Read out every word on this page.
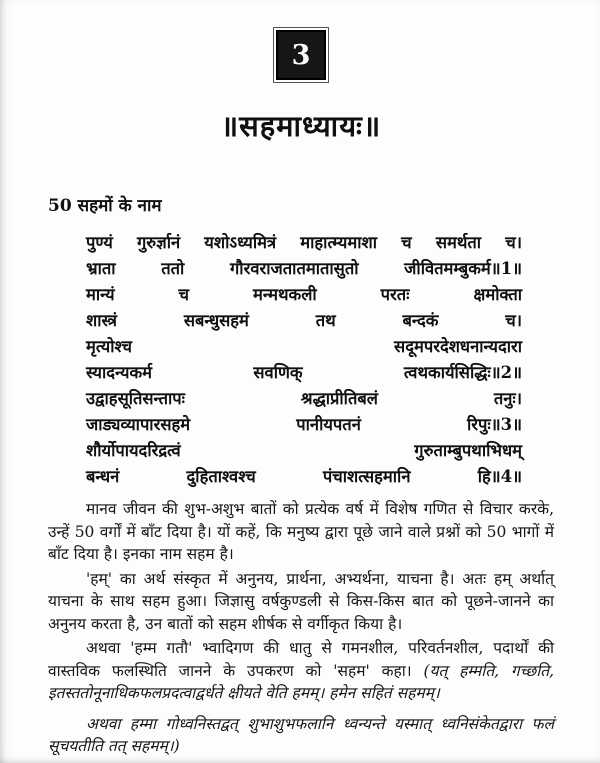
3
॥सहमाध्यायः॥
50 सहमों के नाम
पुण्यं गुरुर्ज्ञानं यशोऽध्यमित्रं माहात्म्यमाशा च समर्थता च।
भ्राता ततो गौरवराजतातमातासुतो जीवितमम्बुकर्म॥1॥
मान्यं च मन्मथकली परतः क्षमोक्ता
शास्त्रं सबन्धुसहमं तथ बन्दकं च।
मृत्योश्च सदूमपरदेशधनान्यदारा
स्यादन्यकर्म सवणिक् त्वथकार्यसिद्धिः॥2॥
उद्वाहसूतिसन्तापः श्रद्धाप्रीतिबलं तनुः।
जाड्यव्यापारसहमे पानीयपतनं रिपुः॥3॥
शौर्योपायदरिद्रत्वं गुरुताम्बुपथाभिधम्
बन्धनं दुहिताश्वश्च पंचाशत्सहमानि हि॥4॥

मानव जीवन की शुभ-अशुभ बातों को प्रत्येक वर्ष में विशेष गणित से विचार करके, उन्हें 50 वर्गों में बाँट दिया है। यों कहें, कि मनुष्य द्वारा पूछे जाने वाले प्रश्नों को 50 भागों में बाँट दिया है। इनका नाम सहम है।

'हम्' का अर्थ संस्कृत में अनुनय, प्रार्थना, अभ्यर्थना, याचना है। अतः हम् अर्थात् याचना के साथ सहम हुआ। जिज्ञासु वर्षकुण्डली से किस-किस बात को पूछने-जानने का अनुनय करता है, उन बातों को सहम शीर्षक से वर्गीकृत किया है।

अथवा 'हम्म गतौ' भ्वादिगण की धातु से गमनशील, परिवर्तनशील, पदार्थों की वास्तविक फलस्थिति जानने के उपकरण को 'सहम' कहा। (यत् हम्मति, गच्छति, इतस्ततोनूनाधिकफलप्रदत्वाद्वर्धते क्षीयते वेति हमम्। हमेन सहितं सहमम्।

अथवा हम्मा गोध्वनिस्तद्वत् शुभाशुभफलानि ध्वन्यन्ते यस्मात् ध्वनिसंकेतद्वारा फलं सूचयतीति तत् सहमम्।)
